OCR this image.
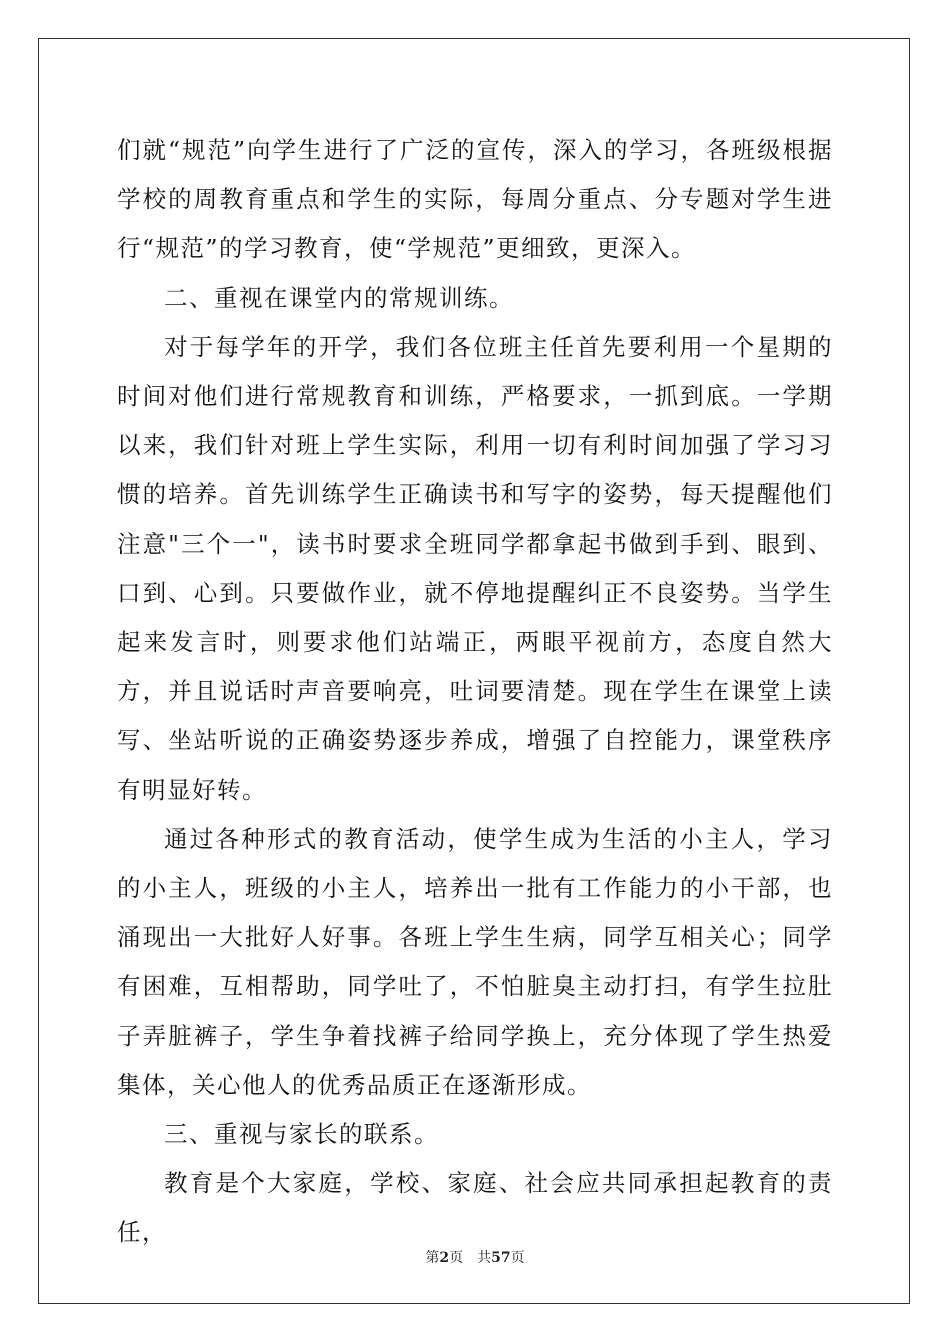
们就“规范”向学生进行了广泛的宣传，深入的学习，各班级根据学校的周教育重点和学生的实际，每周分重点、分专题对学生进行“规范”的学习教育，使“学规范”更细致，更深入。

二、重视在课堂内的常规训练。

对于每学年的开学，我们各位班主任首先要利用一个星期的时间对他们进行常规教育和训练，严格要求，一抓到底。一学期以来，我们针对班上学生实际，利用一切有利时间加强了学习习惯的培养。首先训练学生正确读书和写字的姿势，每天提醒他们注意"三个一"，读书时要求全班同学都拿起书做到手到、眼到、口到、心到。只要做作业，就不停地提醒纠正不良姿势。当学生起来发言时，则要求他们站端正，两眼平视前方，态度自然大方，并且说话时声音要响亮，吐词要清楚。现在学生在课堂上读写、坐站听说的正确姿势逐步养成，增强了自控能力，课堂秩序有明显好转。

通过各种形式的教育活动，使学生成为生活的小主人，学习的小主人，班级的小主人，培养出一批有工作能力的小干部，也涌现出一大批好人好事。各班上学生生病，同学互相关心；同学有困难，互相帮助，同学吐了，不怕脏臭主动打扫，有学生拉肚子弄脏裤子，学生争着找裤子给同学换上，充分体现了学生热爱集体，关心他人的优秀品质正在逐渐形成。

三、重视与家长的联系。

教育是个大家庭，学校、家庭、社会应共同承担起教育的责任，

第2页 共57页
